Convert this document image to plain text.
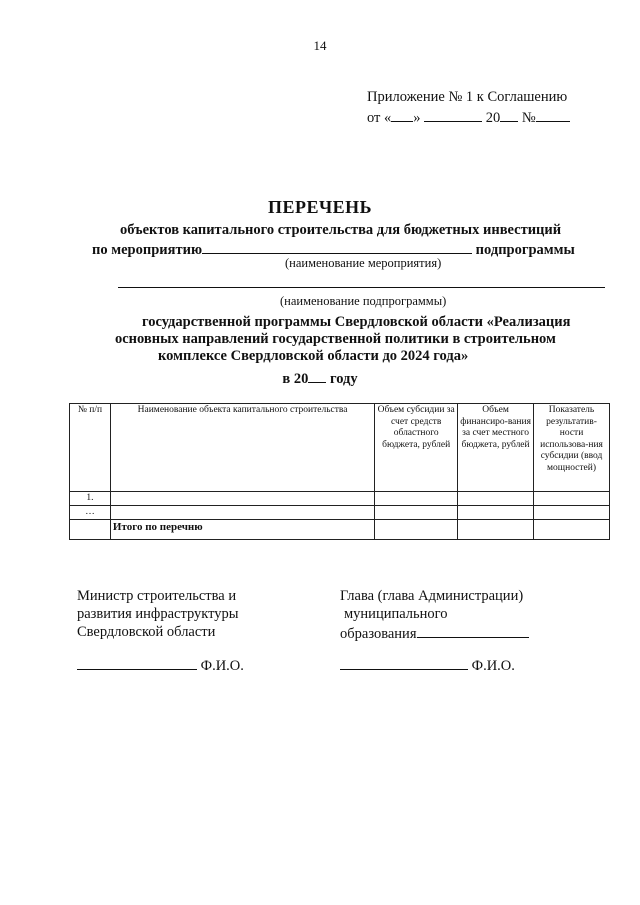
14
Приложение № 1 к Соглашению
от « »	20 №
ПЕРЕЧЕНЬ
объектов капитального строительства для бюджетных инвестиций
по мероприятию	подпрограммы
(наименование мероприятия)
(наименование подпрограммы)
государственной программы Свердловской области «Реализация
основных направлений государственной политики в строительном
комплексе Свердловской области до 2024 года»
в 20 году
№ п/п	Наименование объекта капитального строительства	Объем субсидии за счет средств областного бюджета, рублей	Объем финансиро-вания за счет местного бюджета, рублей	Показатель результатив-ности использова-ния субсидии (ввод мощностей)
1.				
…				
	Итого по перечню			
Министр строительства и
развития инфраструктуры
Свердловской области
Глава (глава Администрации)
муниципального
образования
Ф.И.О.	Ф.И.О.
